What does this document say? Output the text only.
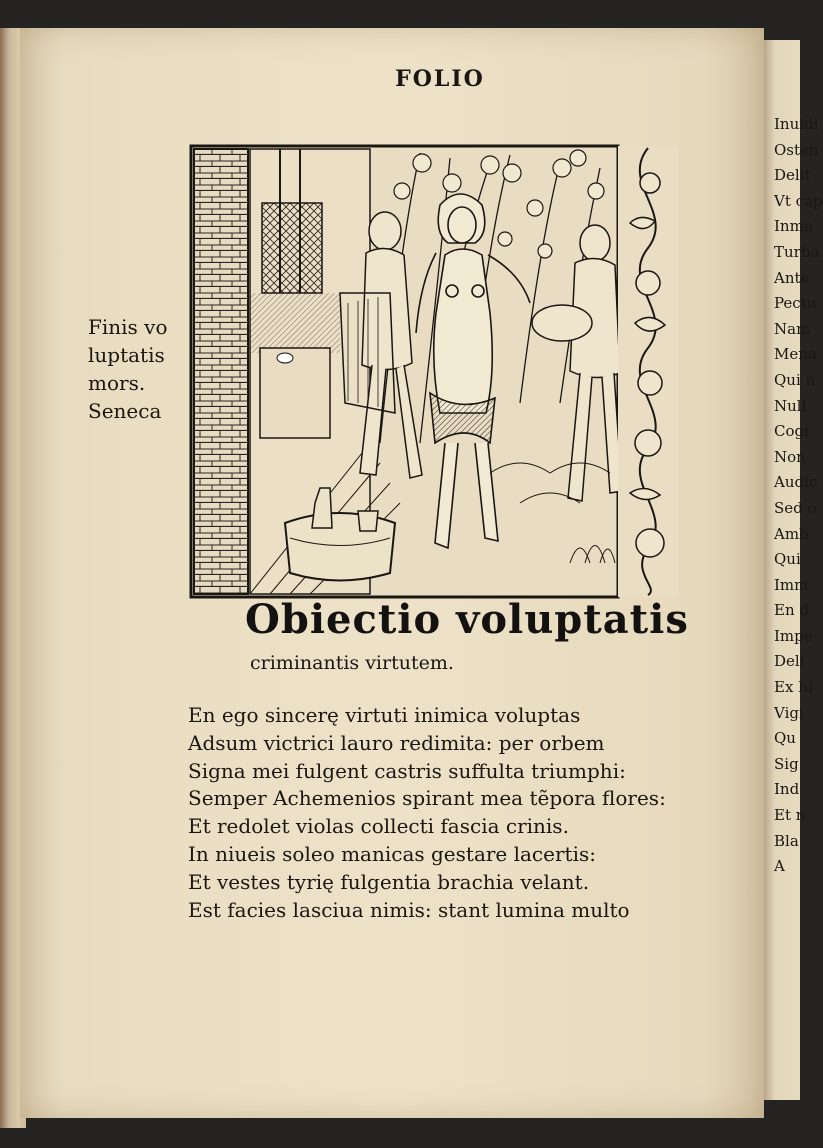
Inuidi
Osten
Delit
Vt cap
Inma
Turba
Ante
Pectu
Nam
Mena
Qui n
Null
Cogi
Non
Audic
Sed o
Amb
Qui
Imm
En d
Impe
Deli
Ex hi
Vigi
Qu
Sig
Ind
Et n
Bla
A
FOLIO
Finis vo
luptatis
mors.
Seneca
Obiectio voluptatis
criminantis virtutem.
En ego sincerę virtuti inimica voluptas
Adsum victrici lauro redimita: per orbem
Signa mei fulgent castris suffulta triumphi:
Semper Achemenios spirant mea tẽpora flores:
Et redolet violas collecti fascia crinis.
In niueis soleo manicas gestare lacertis:
Et vestes tyrię fulgentia brachia velant.
Est facies lasciua nimis: stant lumina multo
